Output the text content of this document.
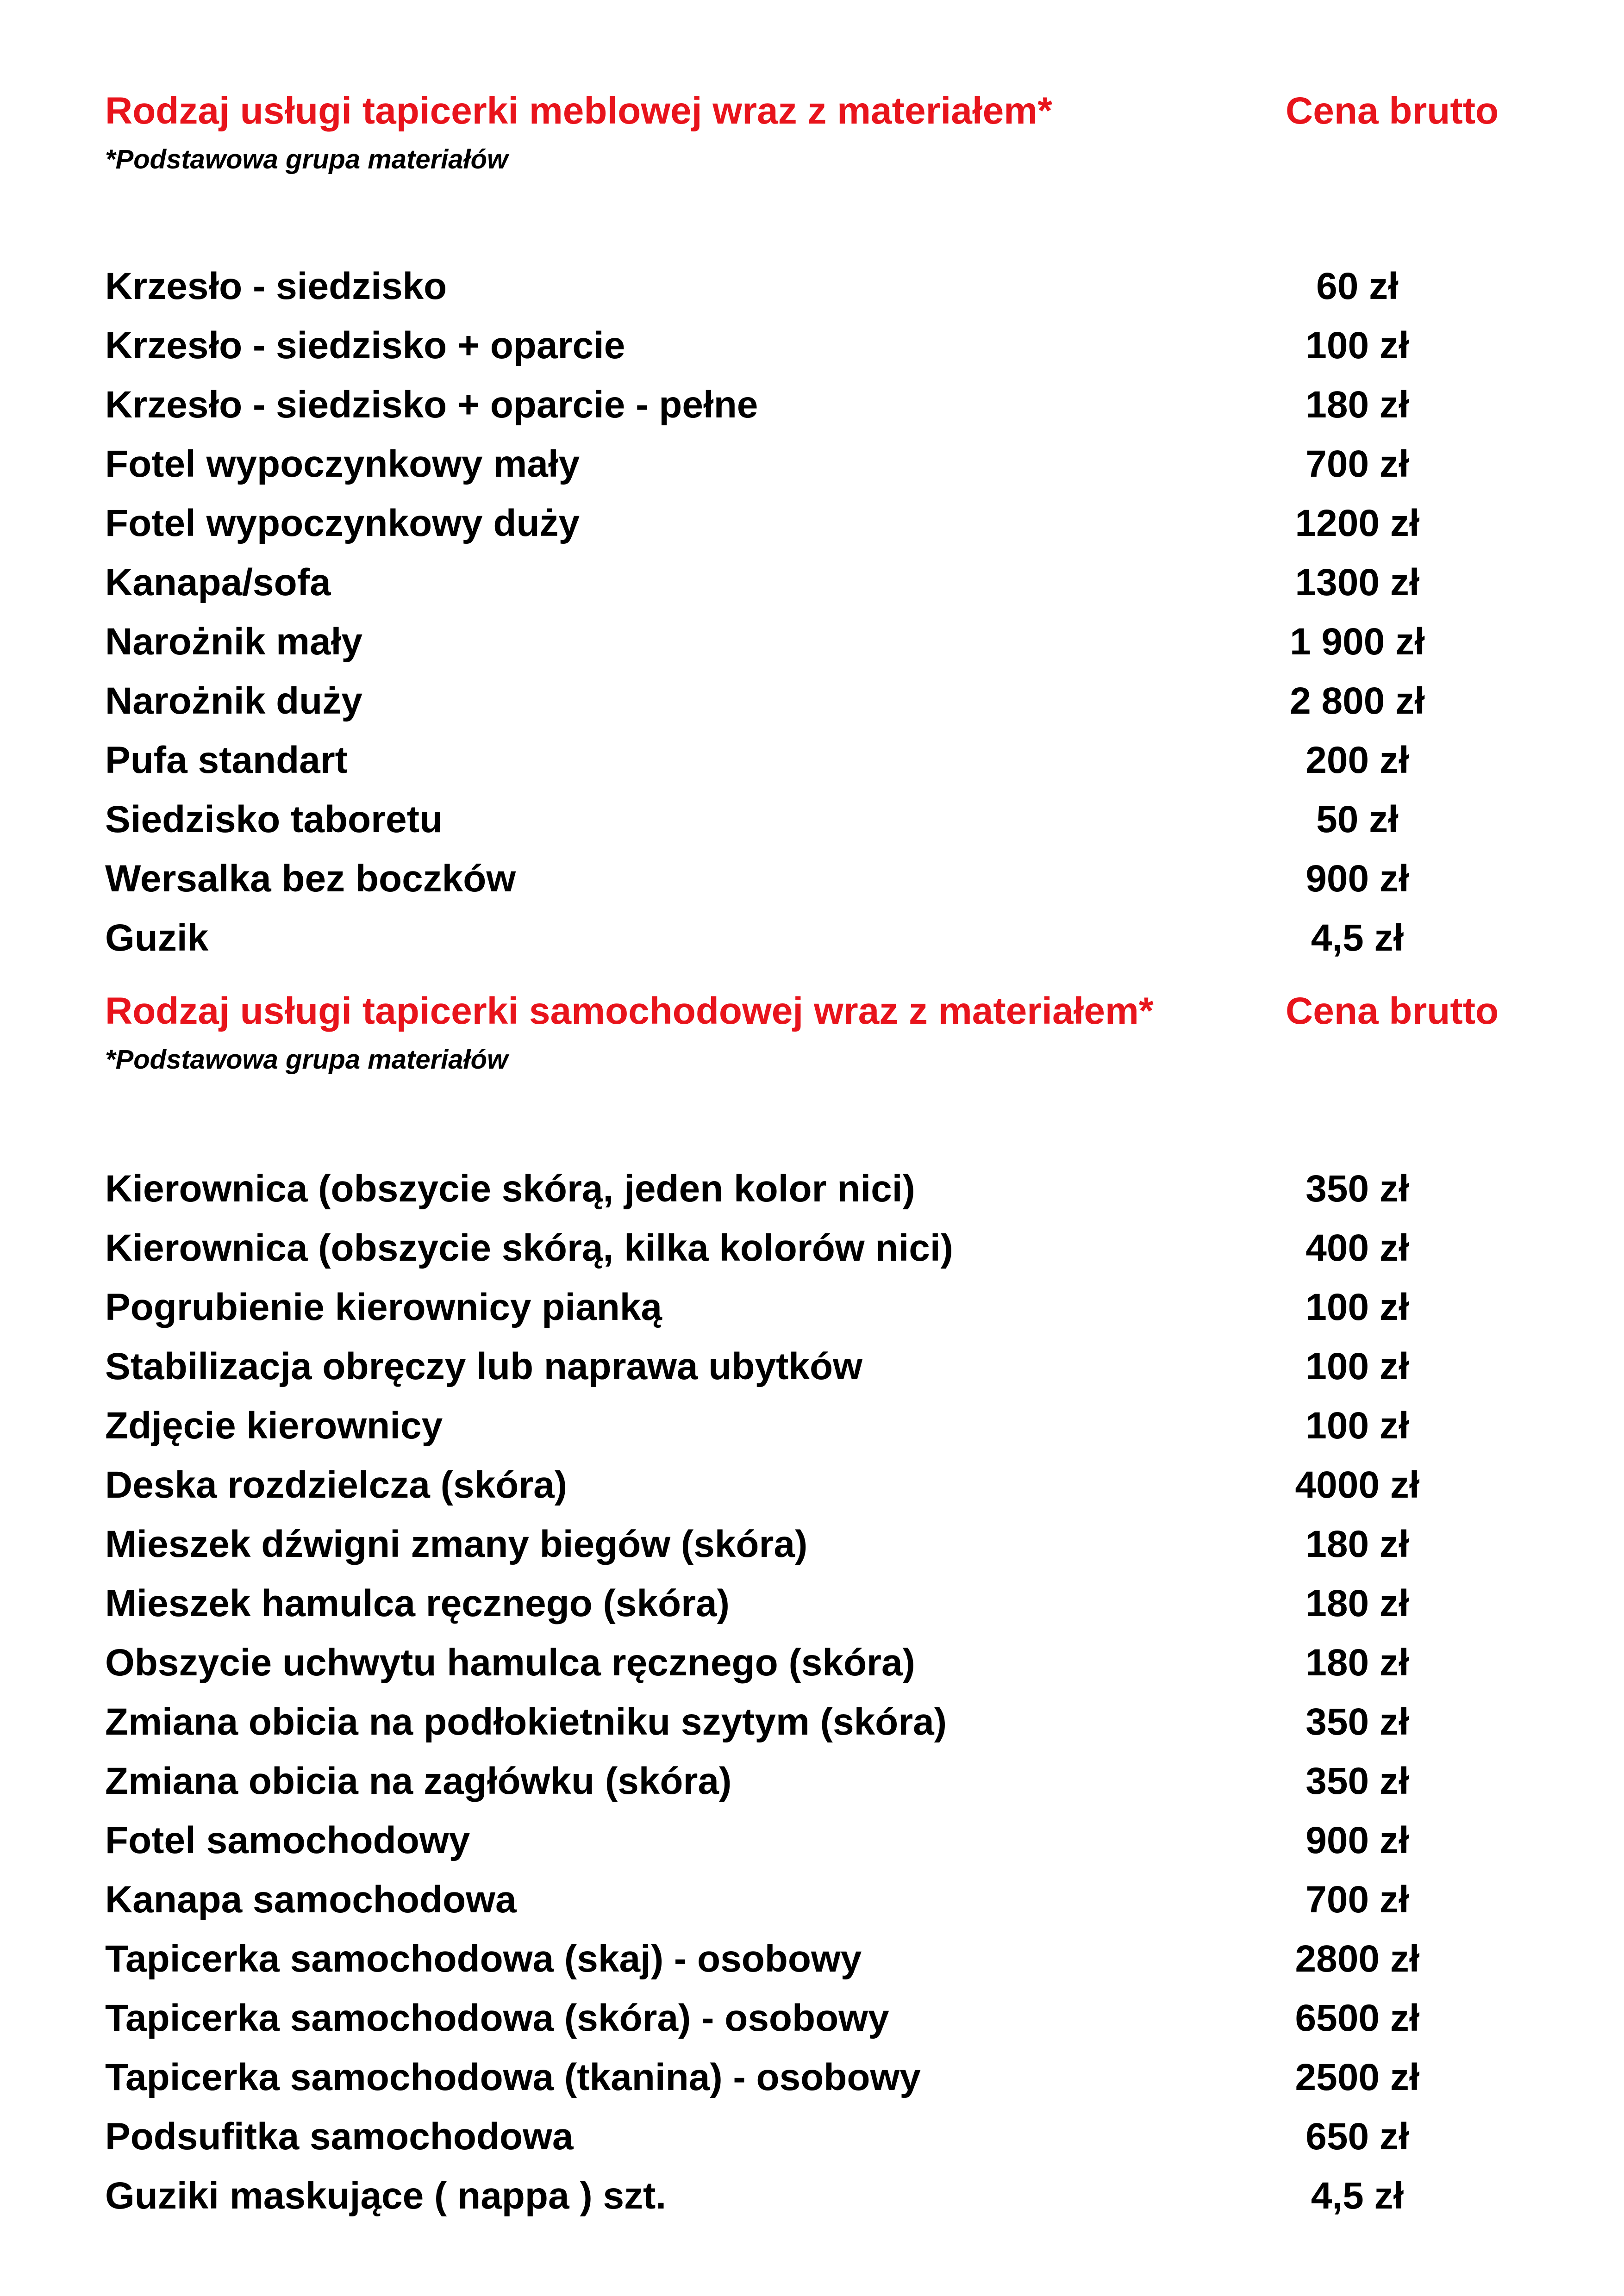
Rodzaj usługi tapicerki meblowej wraz z materiałem*	Cena brutto
*Podstawowa grupa materiałów
Krzesło - siedzisko	60 zł
Krzesło - siedzisko + oparcie	100 zł
Krzesło - siedzisko + oparcie - pełne	180 zł
Fotel wypoczynkowy mały	700 zł
Fotel wypoczynkowy duży	1200 zł
Kanapa/sofa	1300 zł
Narożnik mały	1 900 zł
Narożnik duży	2 800 zł
Pufa standart	200 zł
Siedzisko taboretu	50 zł
Wersalka bez boczków	900 zł
Guzik	4,5 zł
Rodzaj usługi tapicerki samochodowej wraz z materiałem*	Cena brutto
*Podstawowa grupa materiałów
Kierownica (obszycie skórą, jeden kolor nici)	350 zł
Kierownica (obszycie skórą, kilka kolorów nici)	400 zł
Pogrubienie kierownicy pianką	100 zł
Stabilizacja obręczy lub naprawa ubytków	100 zł
Zdjęcie kierownicy	100 zł
Deska rozdzielcza (skóra)	4000 zł
Mieszek dźwigni zmany biegów (skóra)	180 zł
Mieszek hamulca ręcznego (skóra)	180 zł
Obszycie uchwytu hamulca ręcznego (skóra)	180 zł
Zmiana obicia na podłokietniku szytym (skóra)	350 zł
Zmiana obicia na zagłówku (skóra)	350 zł
Fotel samochodowy	900 zł
Kanapa samochodowa	700 zł
Tapicerka samochodowa (skaj) - osobowy	2800 zł
Tapicerka samochodowa (skóra) - osobowy	6500 zł
Tapicerka samochodowa (tkanina) - osobowy	2500 zł
Podsufitka samochodowa	650 zł
Guziki maskujące ( nappa ) szt.	4,5 zł
